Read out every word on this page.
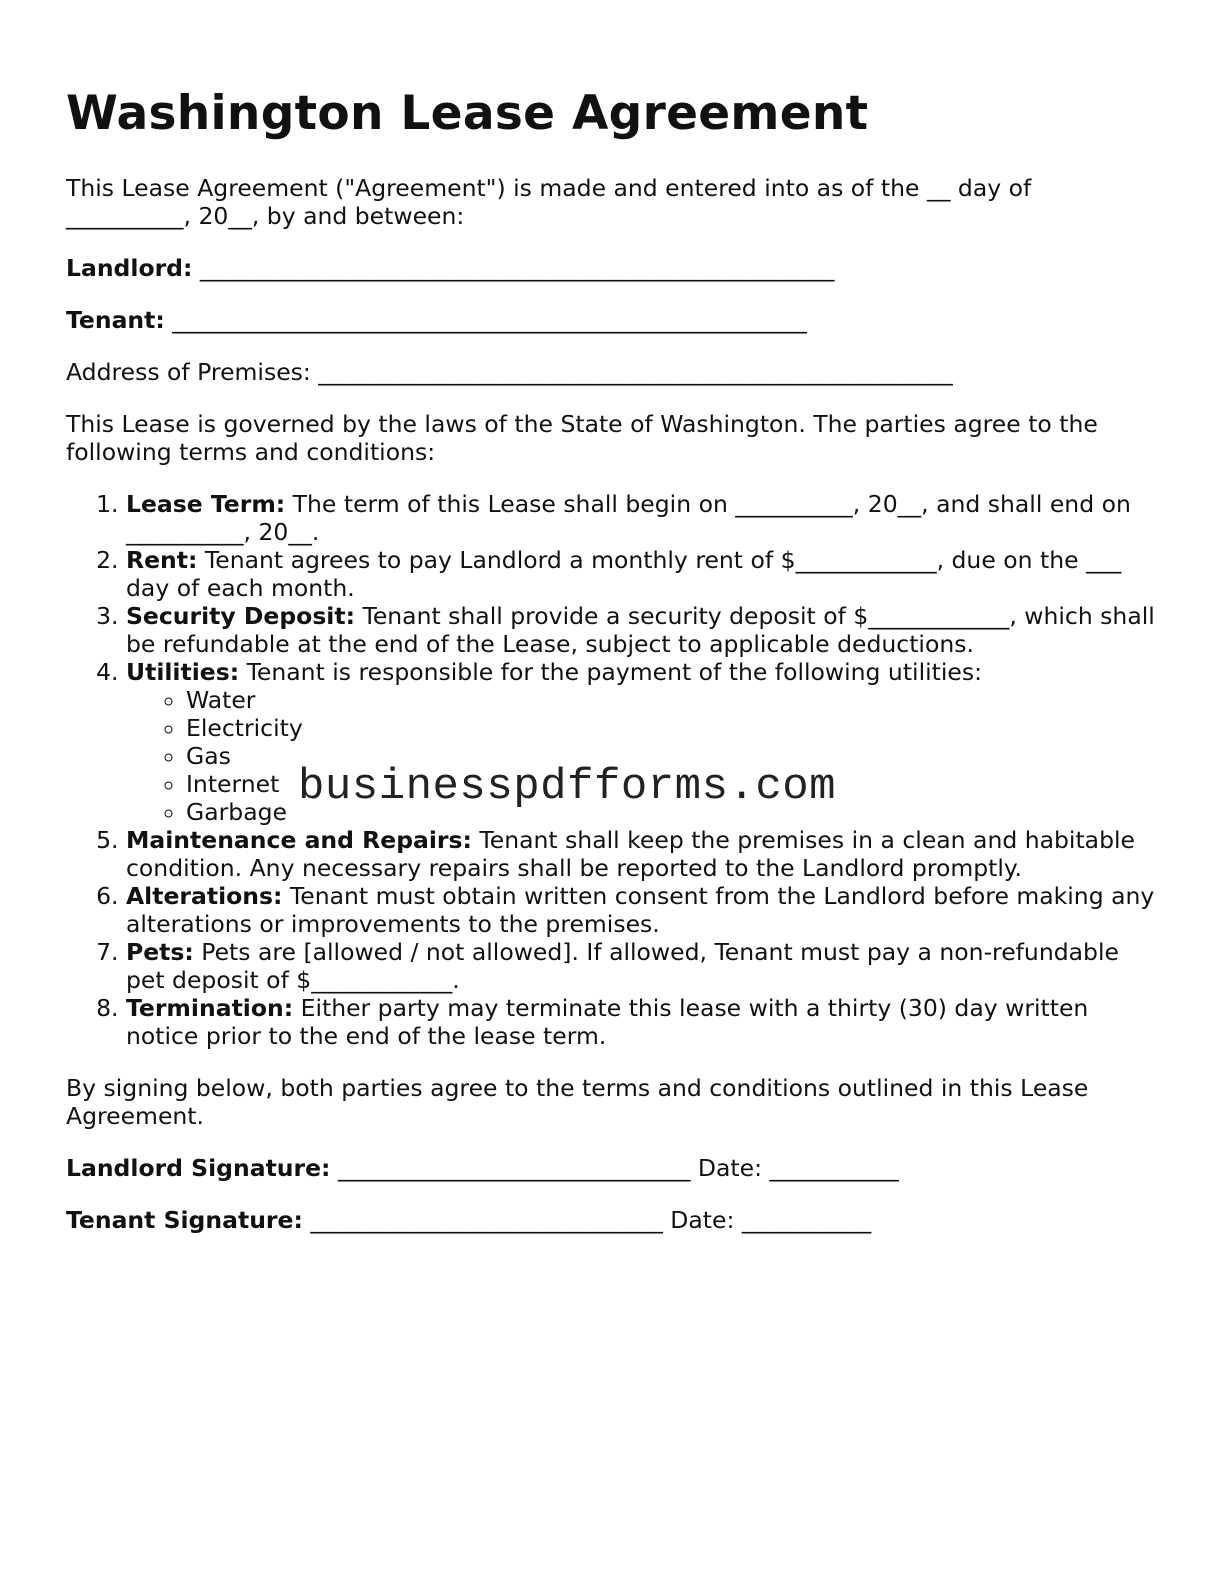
Washington Lease Agreement

This Lease Agreement ("Agreement") is made and entered into as of the __ day of __________, 20__, by and between:

Landlord: ______________________________________________________

Tenant: ______________________________________________________

Address of Premises: ______________________________________________________

This Lease is governed by the laws of the State of Washington. The parties agree to the following terms and conditions:

1. Lease Term: The term of this Lease shall begin on __________, 20__, and shall end on __________, 20__.
2. Rent: Tenant agrees to pay Landlord a monthly rent of $____________, due on the ___ day of each month.
3. Security Deposit: Tenant shall provide a security deposit of $____________, which shall be refundable at the end of the Lease, subject to applicable deductions.
4. Utilities: Tenant is responsible for the payment of the following utilities:
◦ Water
◦ Electricity
◦ Gas
◦ Internet
◦ Garbage
5. Maintenance and Repairs: Tenant shall keep the premises in a clean and habitable condition. Any necessary repairs shall be reported to the Landlord promptly.
6. Alterations: Tenant must obtain written consent from the Landlord before making any alterations or improvements to the premises.
7. Pets: Pets are [allowed / not allowed]. If allowed, Tenant must pay a non-refundable pet deposit of $____________.
8. Termination: Either party may terminate this lease with a thirty (30) day written notice prior to the end of the lease term.

By signing below, both parties agree to the terms and conditions outlined in this Lease Agreement.

Landlord Signature: ______________________________ Date: ___________

Tenant Signature: ______________________________ Date: ___________

businesspdfforms.com
